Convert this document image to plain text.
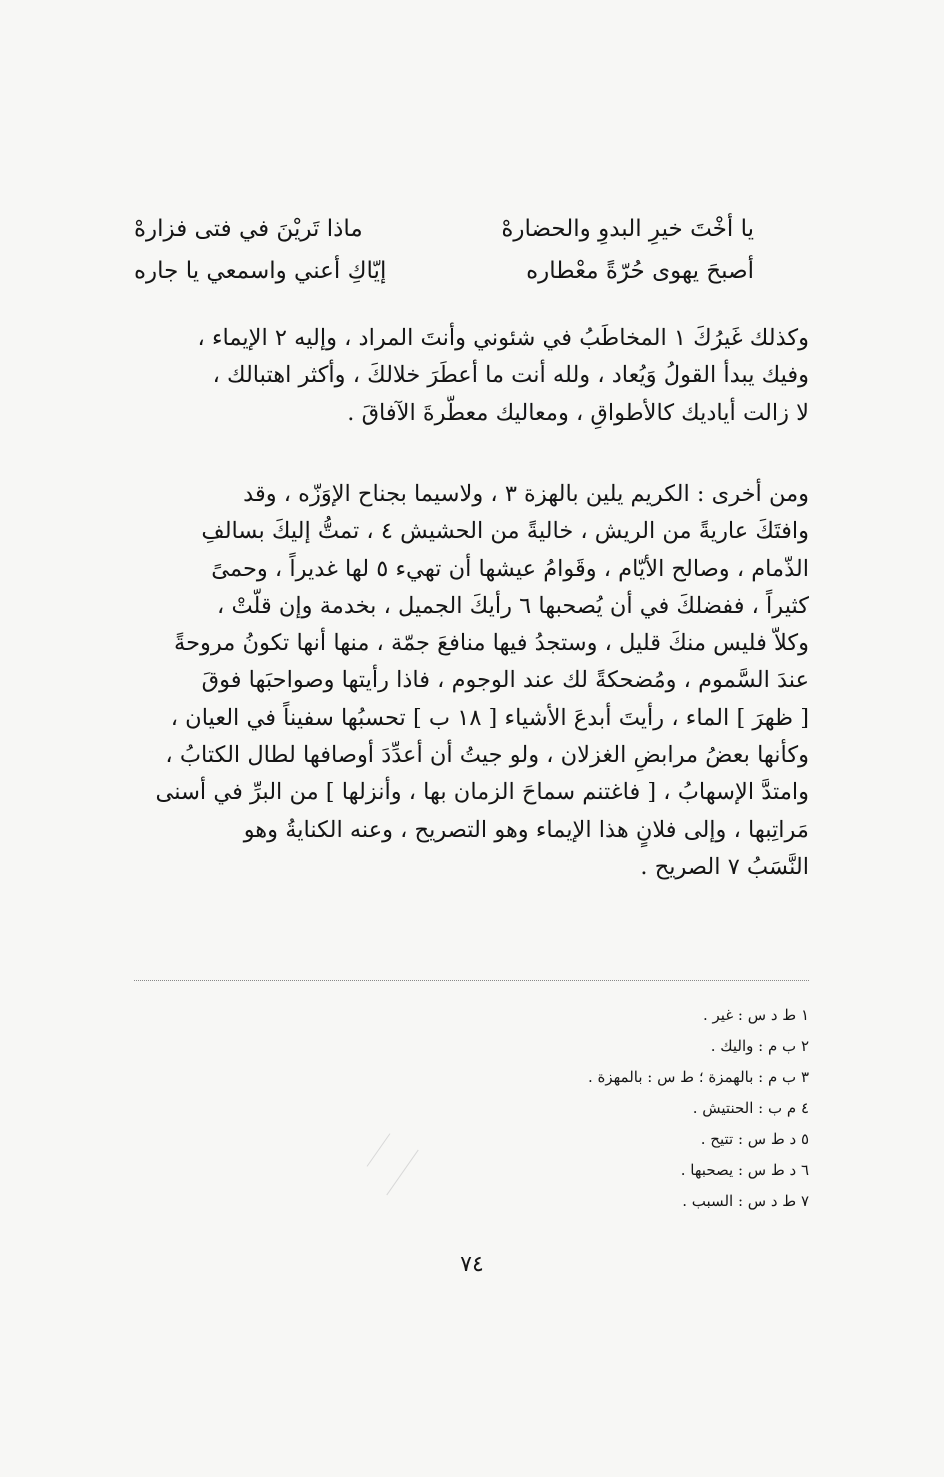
يا أخْتَ خيرِ البدوِ والحضارهْ
ماذا تَريْنَ في فتى فزارهْ
أصبحَ يهوى حُرّةً معْطاره
إيّاكِ أعني واسمعي يا جاره
وكذلك غَيرُكَ ١ المخاطَبُ في شئوني وأنتَ المراد ، وإليه ٢ الإيماء ،
وفيك يبدأ القولُ وَيُعاد ، ولله أنت ما أعطَرَ خلالكَ ، وأكثر اهتبالك ،
لا زالت أياديك كالأطواقِ ، ومعاليك معطَّرةَ الآفاقَ .
ومن أخرى : الكريم يلين بالهزة ٣ ، ولاسيما بجناح الإوَزّه ، وقد
وافتَكَ عاريةً من الريش ، خاليةً من الحشيش ٤ ، تمتُّ إليكَ بسالفِ
الذّمام ، وصالح الأيّام ، وقَوامُ عيشها أن تهيء ٥ لها غديراً ، وحمىً
كثيراً ، ففضلكَ في أن يُصحبها ٦ رأيكَ الجميل ، بخدمة وإن قلّتْ ،
وكلاّ فليس منكَ قليل ، وستجدُ فيها منافعَ جمّة ، منها أنها تكونُ مروحةً
عندَ السَّموم ، ومُضحكةً لك عند الوجوم ، فاذا رأيتها وصواحبَها فوقَ
[ ظهرَ ] الماء ، رأيتَ أبدعَ الأشياء [ ١٨ ب ] تحسبُها سفيناً في العيان ،
وكأنها بعضُ مرابضِ الغزلان ، ولو جيتُ أن أعدِّدَ أوصافها لطال الكتابُ ،
وامتدَّ الإسهابُ ، [ فاغتنم سماحَ الزمان بها ، وأنزلها ] من البرِّ في أسنى
مَراتِبها ، وإلى فلانٍ هذا الإيماء وهو التصريح ، وعنه الكنايةُ وهو
النَّسَبُ ٧ الصريح .
١ ط د س : غير .
٢ ب م : واليك .
٣ ب م : بالهمزة ؛ ط س : بالمهزة .
٤ م ب : الحنتيش .
٥ د ط س : تتيح .
٦ د ط س : يصحبها .
٧ ط د س : السبب .
٧٤
